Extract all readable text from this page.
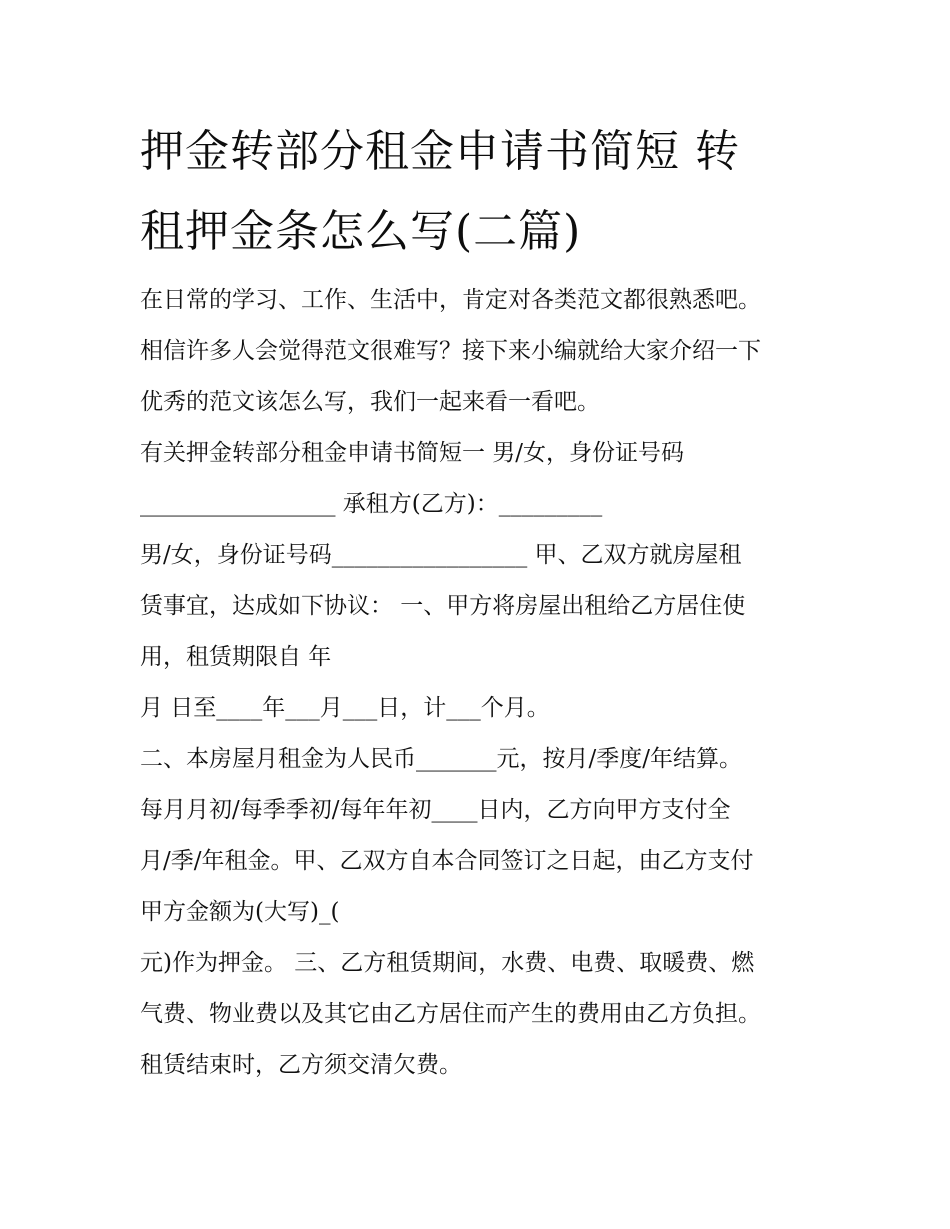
押金转部分租金申请书简短 转
租押金条怎么写(二篇)

在日常的学习、工作、生活中，肯定对各类范文都很熟悉吧。

相信许多人会觉得范文很难写？接下来小编就给大家介绍一下

优秀的范文该怎么写，我们一起来看一看吧。

有关押金转部分租金申请书简短一 男/女，身份证号码

_________________ 承租方(乙方)：_________

男/女，身份证号码_________________ 甲、乙双方就房屋租

赁事宜，达成如下协议： 一、甲方将房屋出租给乙方居住使

用，租赁期限自 年

月 日至____年___月___日，计___个月。

二、本房屋月租金为人民币_______元，按月/季度/年结算。

每月月初/每季季初/每年年初____日内，乙方向甲方支付全

月/季/年租金。甲、乙双方自本合同签订之日起，由乙方支付

甲方金额为(大写)_(

元)作为押金。 三、乙方租赁期间，水费、电费、取暖费、燃

气费、物业费以及其它由乙方居住而产生的费用由乙方负担。

租赁结束时，乙方须交清欠费。
